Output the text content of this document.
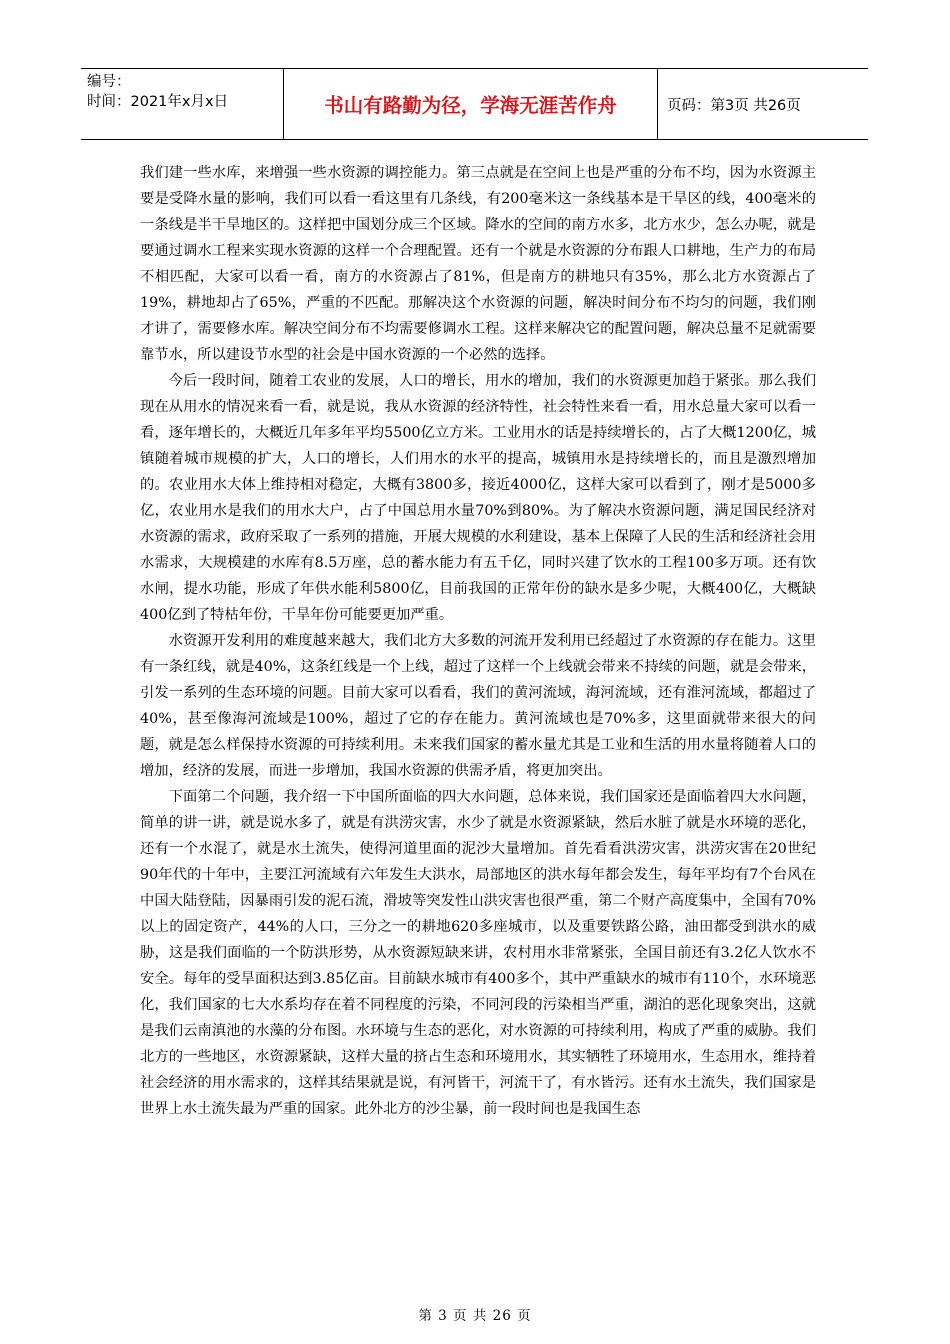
编号：
时间：2021年x月x日	书山有路勤为径，学海无涯苦作舟	页码：第3页 共26页

我们建一些水库，来增强一些水资源的调控能力。第三点就是在空间上也是严重的分布不均，因为水资源主要是受降水量的影响，我们可以看一看这里有几条线，有200毫米这一条线基本是干旱区的线，400毫米的一条线是半干旱地区的。这样把中国划分成三个区域。降水的空间的南方水多，北方水少，怎么办呢，就是要通过调水工程来实现水资源的这样一个合理配置。还有一个就是水资源的分布跟人口耕地，生产力的布局不相匹配，大家可以看一看，南方的水资源占了81%，但是南方的耕地只有35%，那么北方水资源占了19%，耕地却占了65%，严重的不匹配。那解决这个水资源的问题，解决时间分布不均匀的问题，我们刚才讲了，需要修水库。解决空间分布不均需要修调水工程。这样来解决它的配置问题，解决总量不足就需要靠节水，所以建设节水型的社会是中国水资源的一个必然的选择。

今后一段时间，随着工农业的发展，人口的增长，用水的增加，我们的水资源更加趋于紧张。那么我们现在从用水的情况来看一看，就是说，我从水资源的经济特性，社会特性来看一看，用水总量大家可以看一看，逐年增长的，大概近几年多年平均5500亿立方米。工业用水的话是持续增长的，占了大概1200亿，城镇随着城市规模的扩大，人口的增长，人们用水的水平的提高，城镇用水是持续增长的，而且是激烈增加的。农业用水大体上维持相对稳定，大概有3800多，接近4000亿，这样大家可以看到了，刚才是5000多亿，农业用水是我们的用水大户，占了中国总用水量70%到80%。为了解决水资源问题，满足国民经济对水资源的需求，政府采取了一系列的措施，开展大规模的水利建设，基本上保障了人民的生活和经济社会用水需求，大规模建的水库有8.5万座，总的蓄水能力有五千亿，同时兴建了饮水的工程100多万项。还有饮水闸，提水功能，形成了年供水能利5800亿，目前我国的正常年份的缺水是多少呢，大概400亿，大概缺400亿到了特枯年份，干旱年份可能要更加严重。

水资源开发利用的难度越来越大，我们北方大多数的河流开发利用已经超过了水资源的存在能力。这里有一条红线，就是40%，这条红线是一个上线，超过了这样一个上线就会带来不持续的问题，就是会带来，引发一系列的生态环境的问题。目前大家可以看看，我们的黄河流域，海河流域，还有淮河流域，都超过了40%，甚至像海河流域是100%，超过了它的存在能力。黄河流域也是70%多，这里面就带来很大的问题，就是怎么样保持水资源的可持续利用。未来我们国家的蓄水量尤其是工业和生活的用水量将随着人口的增加，经济的发展，而进一步增加，我国水资源的供需矛盾，将更加突出。

下面第二个问题，我介绍一下中国所面临的四大水问题，总体来说，我们国家还是面临着四大水问题，简单的讲一讲，就是说水多了，就是有洪涝灾害，水少了就是水资源紧缺，然后水脏了就是水环境的恶化，还有一个水混了，就是水土流失，使得河道里面的泥沙大量增加。首先看看洪涝灾害，洪涝灾害在20世纪90年代的十年中，主要江河流域有六年发生大洪水，局部地区的洪水每年都会发生，每年平均有7个台风在中国大陆登陆，因暴雨引发的泥石流，滑坡等突发性山洪灾害也很严重，第二个财产高度集中，全国有70%以上的固定资产，44%的人口，三分之一的耕地620多座城市，以及重要铁路公路，油田都受到洪水的威胁，这是我们面临的一个防洪形势，从水资源短缺来讲，农村用水非常紧张，全国目前还有3.2亿人饮水不安全。每年的受旱面积达到3.85亿亩。目前缺水城市有400多个，其中严重缺水的城市有110个，水环境恶化，我们国家的七大水系均存在着不同程度的污染，不同河段的污染相当严重，湖泊的恶化现象突出，这就是我们云南滇池的水藻的分布图。水环境与生态的恶化，对水资源的可持续利用，构成了严重的威胁。我们北方的一些地区，水资源紧缺，这样大量的挤占生态和环境用水，其实牺牲了环境用水，生态用水，维持着社会经济的用水需求的，这样其结果就是说，有河皆干，河流干了，有水皆污。还有水土流失，我们国家是世界上水土流失最为严重的国家。此外北方的沙尘暴，前一段时间也是我国生态

第 3 页 共 26 页
